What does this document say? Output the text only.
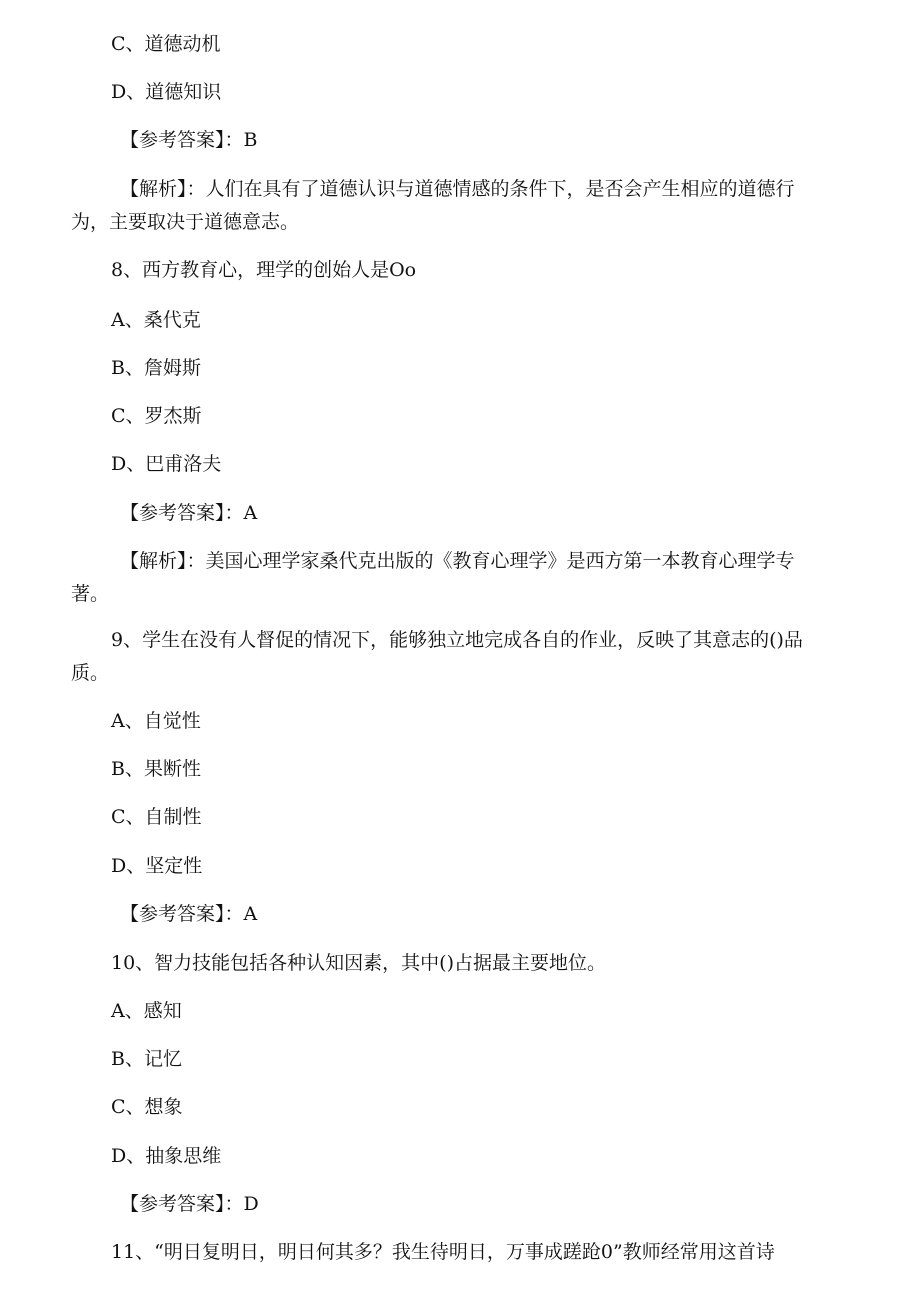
C、道德动机
D、道德知识
【参考答案】：B
【解析】：人们在具有了道德认识与道德情感的条件下，是否会产生相应的道德行
为，主要取决于道德意志。
8、西方教育心，理学的创始人是Oo
A、桑代克
B、詹姆斯
C、罗杰斯
D、巴甫洛夫
【参考答案】：A
【解析】：美国心理学家桑代克出版的《教育心理学》是西方第一本教育心理学专
著。
9、学生在没有人督促的情况下，能够独立地完成各自的作业，反映了其意志的()品
质。
A、自觉性
B、果断性
C、自制性
D、坚定性
【参考答案】：A
10、智力技能包括各种认知因素，其中()占据最主要地位。
A、感知
B、记忆
C、想象
D、抽象思维
【参考答案】：D
11、“明日复明日，明日何其多？我生待明日，万事成蹉跄0”教师经常用这首诗
